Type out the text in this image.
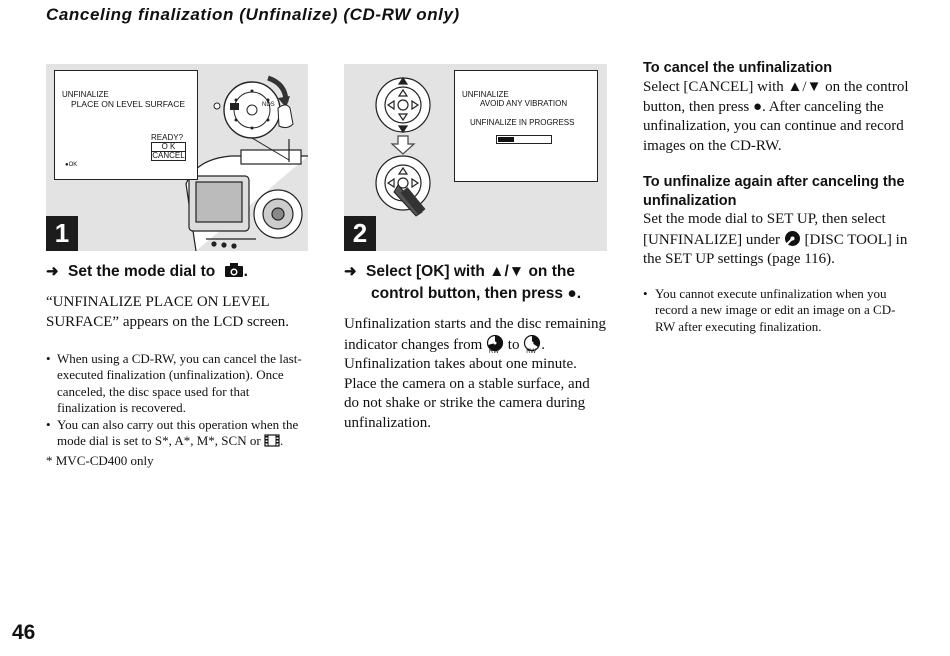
Canceling finalization (Unfinalize) (CD-RW only)
NDS
UNFINALIZE
PLACE ON LEVEL SURFACE
READY?
O K
CANCEL
●OK
1
➜ Set the mode dial to .
“UNFINALIZE PLACE ON LEVEL SURFACE” appears on the LCD screen.
• When using a CD-RW, you can cancel the last-executed finalization (unfinalization). Once canceled, the disc space used for that finalization is recovered.
• You can also carry out this operation when the mode dial is set to S*, A*, M*, SCN or .
* MVC-CD400 only
UNFINALIZE
AVOID ANY VIBRATION
UNFINALIZE IN PROGRESS
2
➜ Select [OK] with ▲/▼ on the
control button, then press ●.
Unfinalization starts and the disc remaining indicator changes from RW to RW . Unfinalization takes about one minute. Place the camera on a stable surface, and do not shake or strike the camera during unfinalization.
To cancel the unfinalization
Select [CANCEL] with ▲/▼ on the control button, then press ●. After canceling the unfinalization, you can continue and record images on the CD-RW.
To unfinalize again after canceling the unfinalization
Set the mode dial to SET UP, then select [UNFINALIZE] under [DISC TOOL] in the SET UP settings (page 116).
• You cannot execute unfinalization when you record a new image or edit an image on a CD-RW after executing finalization.
46
